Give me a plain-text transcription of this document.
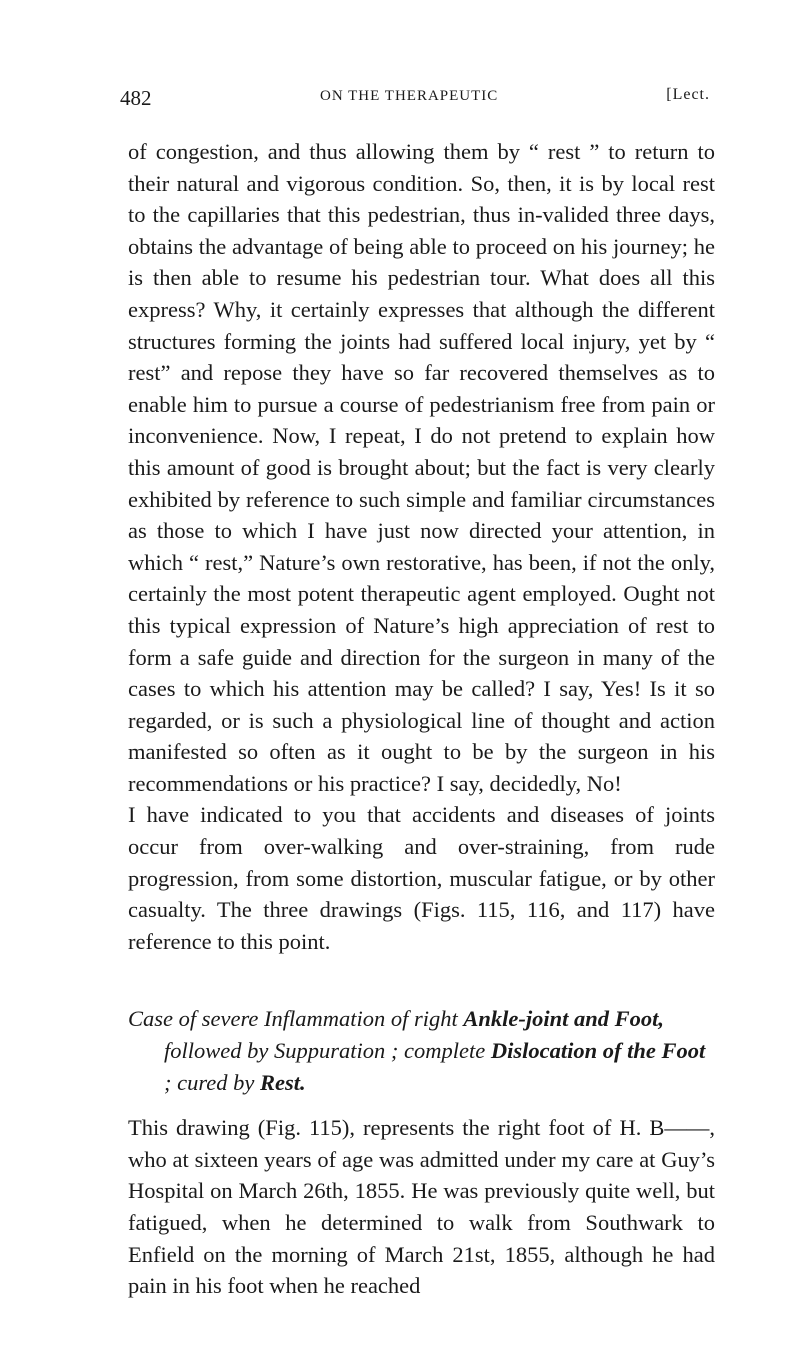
482	ON THE THERAPEUTIC	[Lect.

of congestion, and thus allowing them by “ rest ” to return to their natural and vigorous condition. So, then, it is by local rest to the capillaries that this pedestrian, thus in-valided three days, obtains the advantage of being able to proceed on his journey; he is then able to resume his pedestrian tour. What does all this express? Why, it certainly expresses that although the different structures forming the joints had suffered local injury, yet by “ rest” and repose they have so far recovered themselves as to enable him to pursue a course of pedestrianism free from pain or inconvenience. Now, I repeat, I do not pretend to explain how this amount of good is brought about; but the fact is very clearly exhibited by reference to such simple and familiar circumstances as those to which I have just now directed your attention, in which “ rest,” Nature’s own restorative, has been, if not the only, certainly the most potent therapeutic agent employed. Ought not this typical expression of Nature’s high appreciation of rest to form a safe guide and direction for the surgeon in many of the cases to which his attention may be called? I say, Yes! Is it so regarded, or is such a physiological line of thought and action manifested so often as it ought to be by the surgeon in his recommendations or his practice? I say, decidedly, No!

I have indicated to you that accidents and diseases of joints occur from over-walking and over-straining, from rude progression, from some distortion, muscular fatigue, or by other casualty. The three drawings (Figs. 115, 116, and 117) have reference to this point.

Case of severe Inflammation of right Ankle-joint and Foot, followed by Suppuration ; complete Dislocation of the Foot ; cured by Rest.

This drawing (Fig. 115), represents the right foot of H. B——, who at sixteen years of age was admitted under my care at Guy’s Hospital on March 26th, 1855. He was previously quite well, but fatigued, when he determined to walk from Southwark to Enfield on the morning of March 21st, 1855, although he had pain in his foot when he reached
